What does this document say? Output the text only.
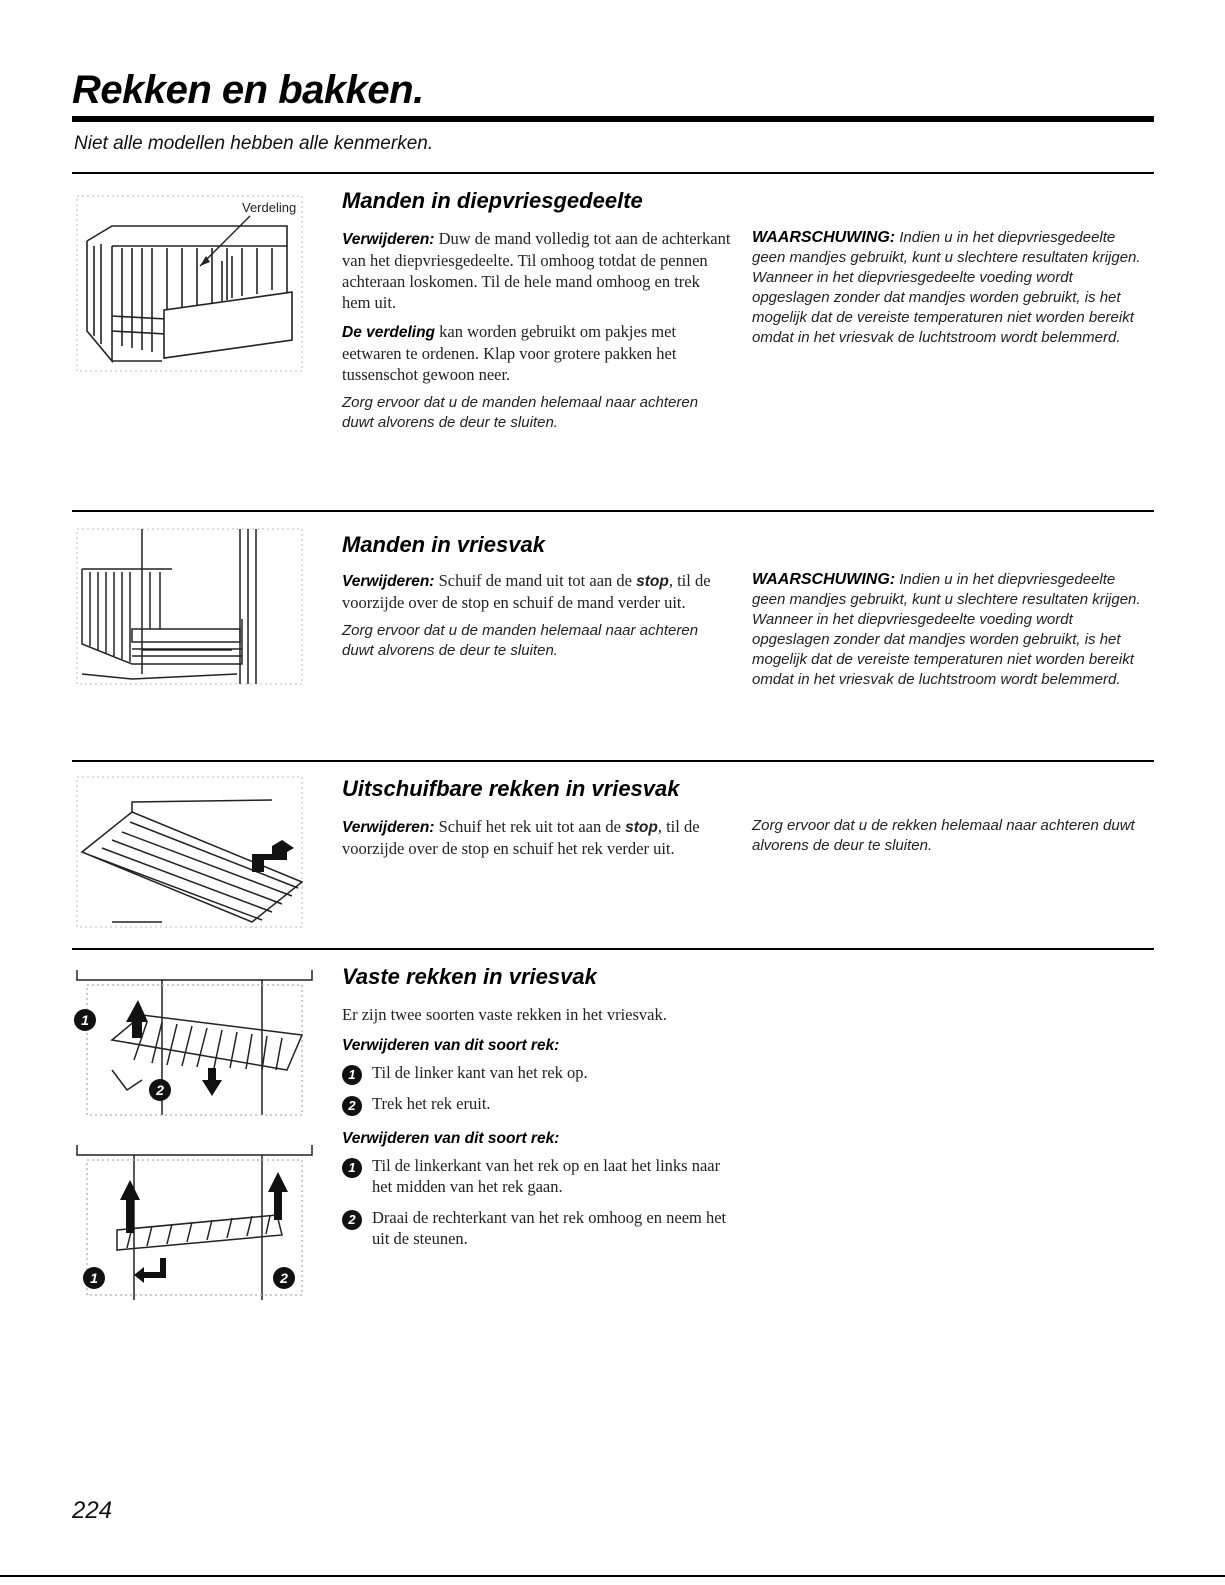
Rekken en bakken.
Niet alle modellen hebben alle kenmerken.
Verdeling Manden in diepvriesgedeelte

Verwijderen: Duw de mand volledig tot aan de achterkant van het diepvriesgedeelte. Til omhoog totdat de pennen achteraan loskomen. Til de hele mand omhoog en trek hem uit.

De verdeling kan worden gebruikt om pakjes met eetwaren te ordenen. Klap voor grotere pakken het tussenschot gewoon neer.

Zorg ervoor dat u de manden helemaal naar achteren duwt alvorens de deur te sluiten.

WAARSCHUWING: Indien u in het diepvriesgedeelte geen mandjes gebruikt, kunt u slechtere resultaten krijgen. Wanneer in het diepvriesgedeelte voeding wordt opgeslagen zonder dat mandjes worden gebruikt, is het mogelijk dat de vereiste temperaturen niet worden bereikt omdat in het vriesvak de luchtstroom wordt belemmerd.
Manden in vriesvak

Verwijderen: Schuif de mand uit tot aan de stop, til de voorzijde over de stop en schuif de mand verder uit.

Zorg ervoor dat u de manden helemaal naar achteren duwt alvorens de deur te sluiten.

WAARSCHUWING: Indien u in het diepvriesgedeelte geen mandjes gebruikt, kunt u slechtere resultaten krijgen. Wanneer in het diepvriesgedeelte voeding wordt opgeslagen zonder dat mandjes worden gebruikt, is het mogelijk dat de vereiste temperaturen niet worden bereikt omdat in het vriesvak de luchtstroom wordt belemmerd.
Uitschuifbare rekken in vriesvak

Verwijderen: Schuif het rek uit tot aan de stop, til de voorzijde over de stop en schuif het rek verder uit.

Zorg ervoor dat u de rekken helemaal naar achteren duwt alvorens de deur te sluiten.
1
2
1	2
Vaste rekken in vriesvak

Er zijn twee soorten vaste rekken in het vriesvak.

Verwijderen van dit soort rek:
1 Til de linker kant van het rek op.
2 Trek het rek eruit.
Verwijderen van dit soort rek:
1 Til de linkerkant van het rek op en laat het links naar het midden van het rek gaan.
2 Draai de rechterkant van het rek omhoog en neem het uit de steunen.
224
